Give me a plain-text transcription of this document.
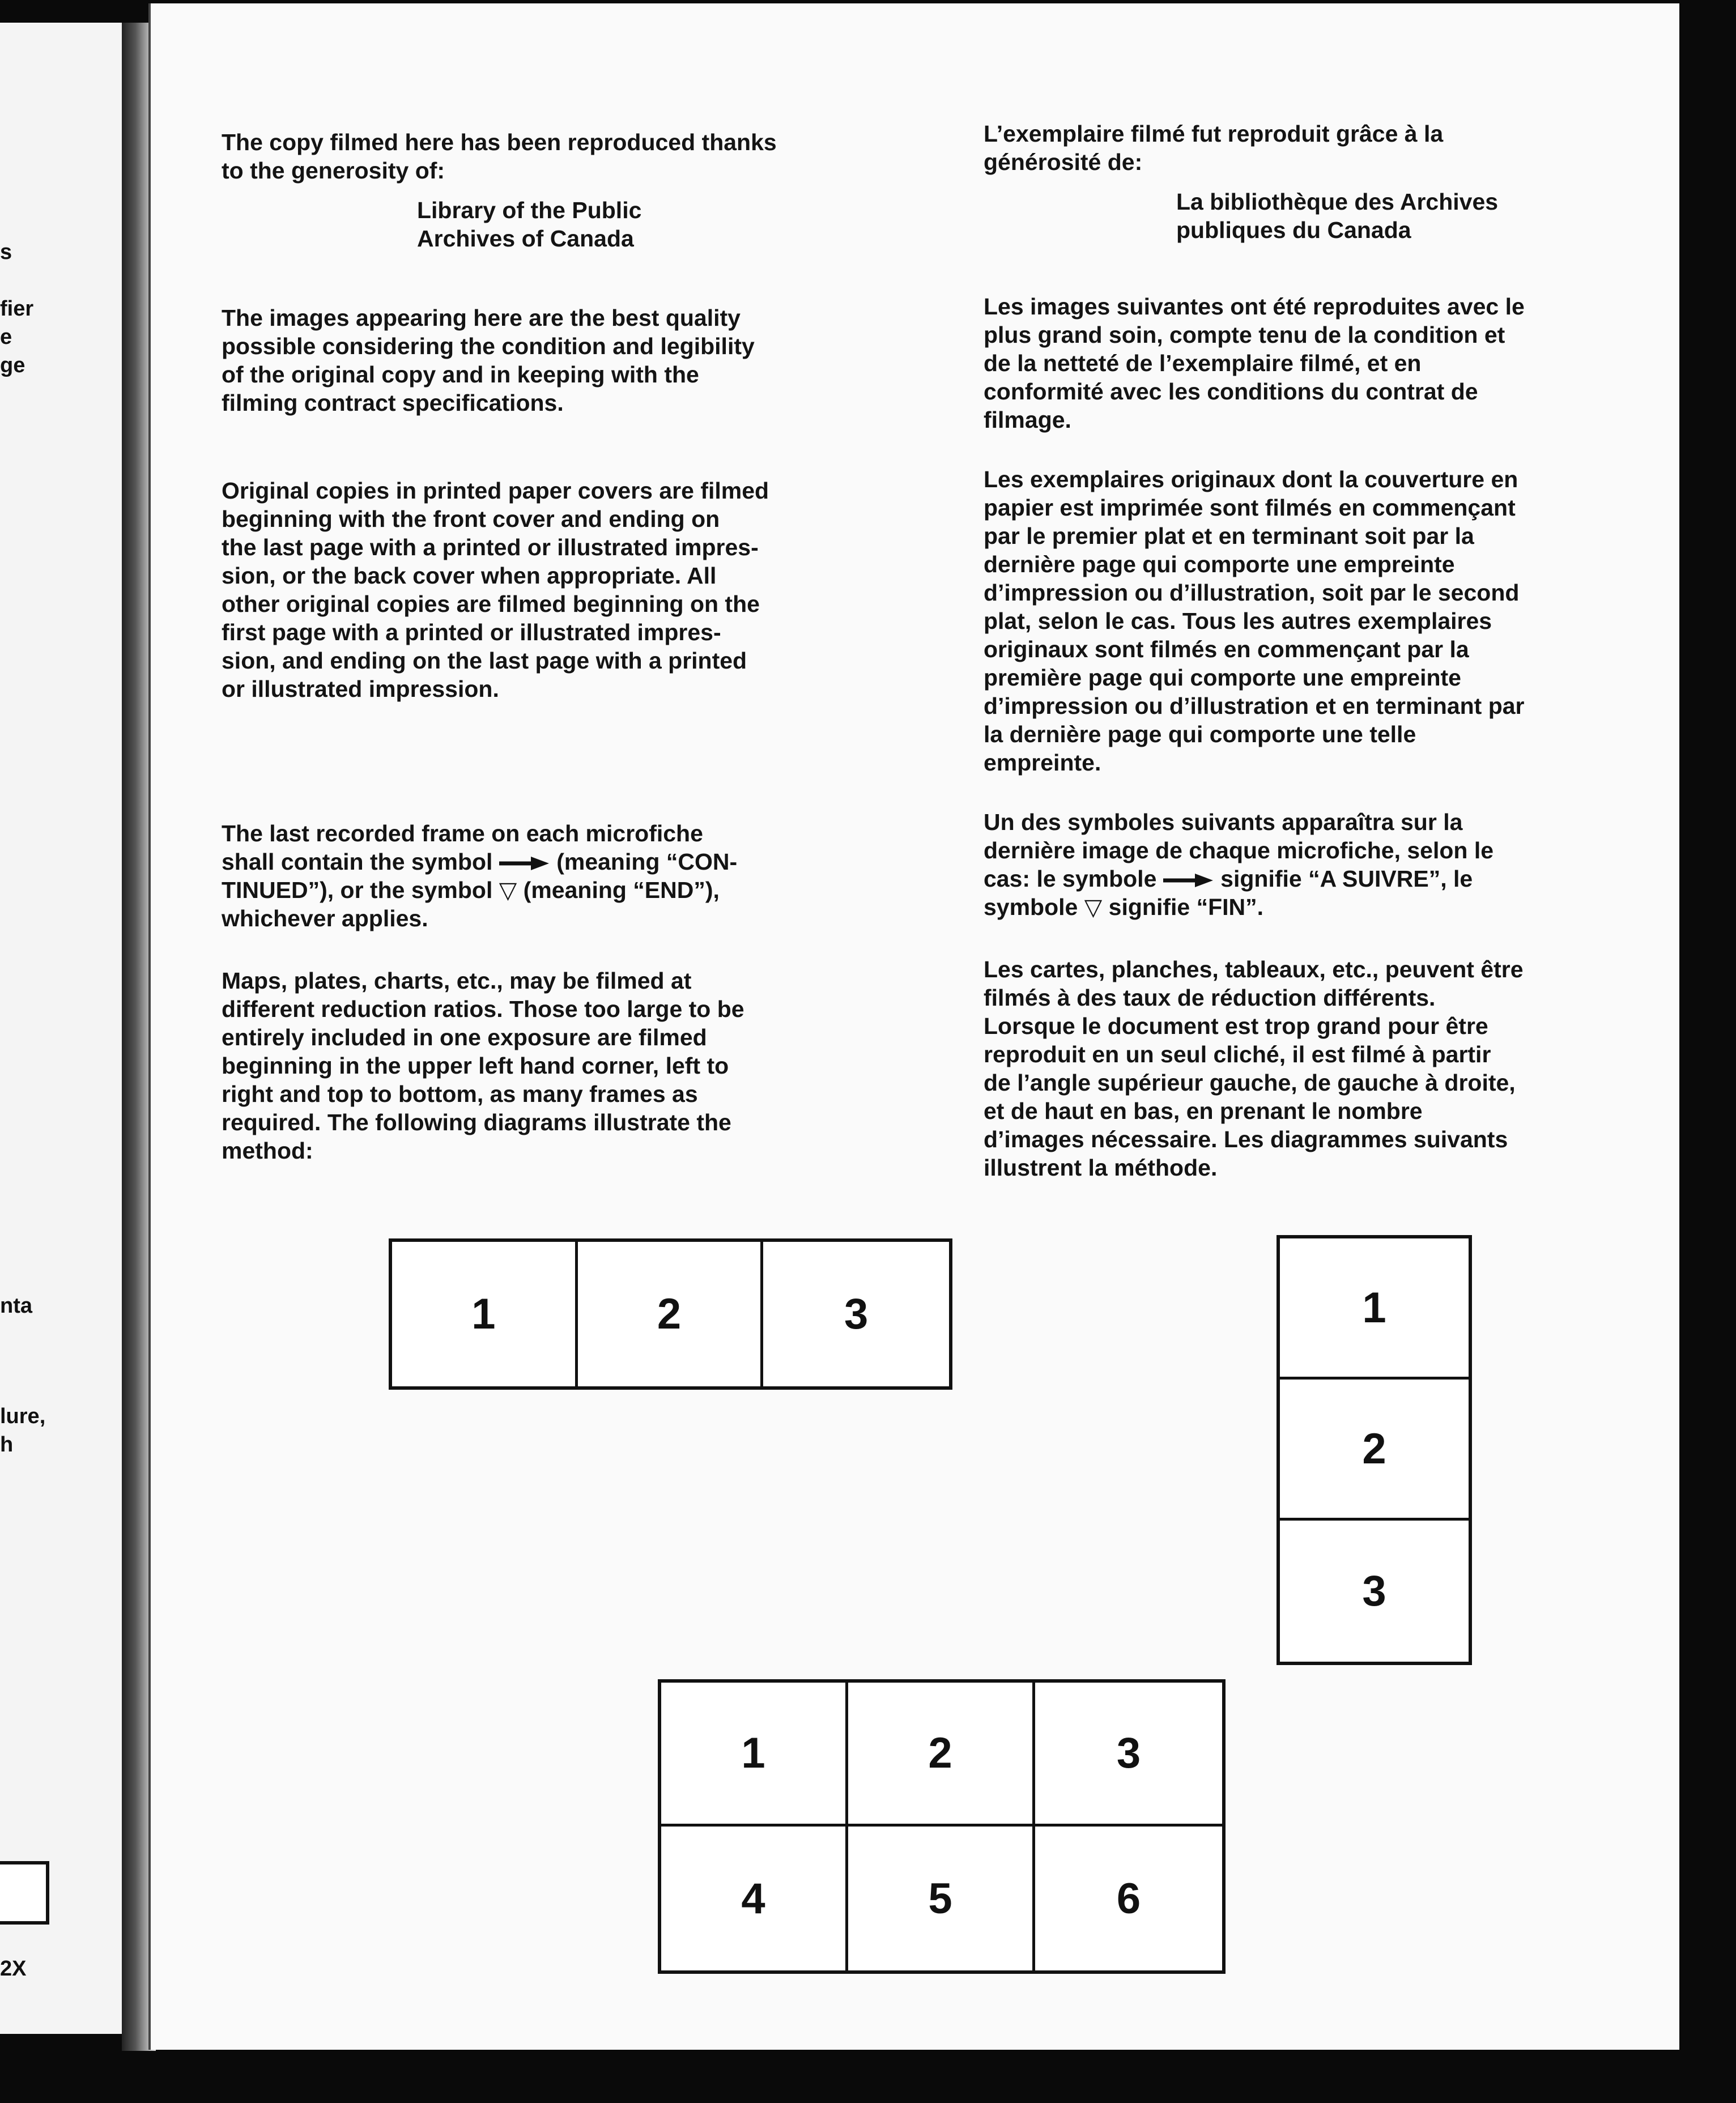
s
fier
e
ge
nta
lure,
h
2X

The copy filmed here has been reproduced thanks
to the generosity of:

Library of the Public
Archives of Canada

The images appearing here are the best quality
possible considering the condition and legibility
of the original copy and in keeping with the
filming contract specifications.

Original copies in printed paper covers are filmed
beginning with the front cover and ending on
the last page with a printed or illustrated impres-
sion, or the back cover when appropriate. All
other original copies are filmed beginning on the
first page with a printed or illustrated impres-
sion, and ending on the last page with a printed
or illustrated impression.

The last recorded frame on each microfiche
shall contain the symbol	(meaning “CON-
TINUED”), or the symbol ▽ (meaning “END”),
whichever applies.

Maps, plates, charts, etc., may be filmed at
different reduction ratios. Those too large to be
entirely included in one exposure are filmed
beginning in the upper left hand corner, left to
right and top to bottom, as many frames as
required. The following diagrams illustrate the
method:

L’exemplaire filmé fut reproduit grâce à la
générosité de:

La bibliothèque des Archives
publiques du Canada

Les images suivantes ont été reproduites avec le
plus grand soin, compte tenu de la condition et
de la netteté de l’exemplaire filmé, et en
conformité avec les conditions du contrat de
filmage.

Les exemplaires originaux dont la couverture en
papier est imprimée sont filmés en commençant
par le premier plat et en terminant soit par la
dernière page qui comporte une empreinte
d’impression ou d’illustration, soit par le second
plat, selon le cas. Tous les autres exemplaires
originaux sont filmés en commençant par la
première page qui comporte une empreinte
d’impression ou d’illustration et en terminant par
la dernière page qui comporte une telle
empreinte.

Un des symboles suivants apparaîtra sur la
dernière image de chaque microfiche, selon le
cas: le symbole	signifie “A SUIVRE”, le
symbole ▽ signifie “FIN”.

Les cartes, planches, tableaux, etc., peuvent être
filmés à des taux de réduction différents.
Lorsque le document est trop grand pour être
reproduit en un seul cliché, il est filmé à partir
de l’angle supérieur gauche, de gauche à droite,
et de haut en bas, en prenant le nombre
d’images nécessaire. Les diagrammes suivants
illustrent la méthode.

1	2	3	1
2
3
1	2	3
4	5	6
